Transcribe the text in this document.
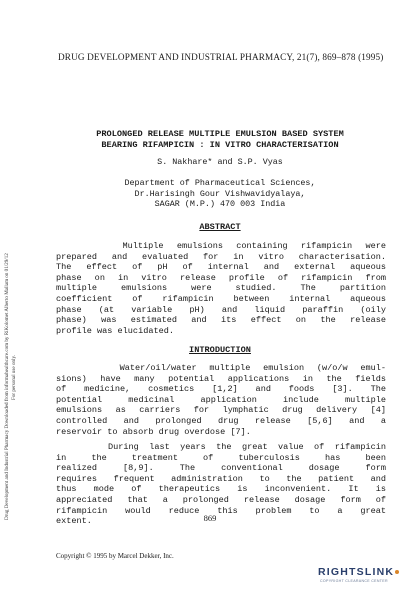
DRUG DEVELOPMENT AND INDUSTRIAL PHARMACY, 21(7), 869–878 (1995)
Drug Development and Industrial Pharmacy Downloaded from informahealthcare.com by RiKolomet Alberto Mallam on 01/29/12 For personal use only.
PROLONGED RELEASE MULTIPLE EMULSION BASED SYSTEM
BEARING RIFAMPICIN : IN VITRO CHARACTERISATION
S. Nakhare* and S.P. Vyas
Department of Pharmaceutical Sciences,
Dr.Harisingh Gour Vishwavidyalaya,
SAGAR (M.P.) 470 003 India
ABSTRACT
Multiple emulsions containing rifampicin were
prepared and evaluated for in vitro characterisation.
The effect of pH of internal and external aqueous
phase on in vitro release profile of rifampicin from
multiple emulsions were studied. The partition
coefficient of rifampicin between internal aqueous
phase (at variable pH) and liquid paraffin (oily
phase) was estimated and its effect on the release
profile was elucidated.
INTRODUCTION
Water/oil/water multiple emulsion (w/o/w emul-
sions) have many potential applications in the fields
of medicine, cosmetics [1,2] and foods [3]. The
potential medicinal application include multiple
emulsions as carriers for lymphatic drug delivery [4]
controlled and prolonged drug release [5,6] and a
reservoir to absorb drug overdose [7].
During last years the great value of rifampicin
in   the   treatment   of   tuberculosis   has   been
realized [8,9]. The conventional dosage form
requires frequent administration to the patient and
thus mode of therapeutics is inconvenient. It is
appreciated that a prolonged release dosage form of
rifampicin would reduce this problem to a great
extent.	869
Copyright © 1995 by Marcel Dekker, Inc.
RIGHTSLINK
COPYRIGHT CLEARANCE CENTER
